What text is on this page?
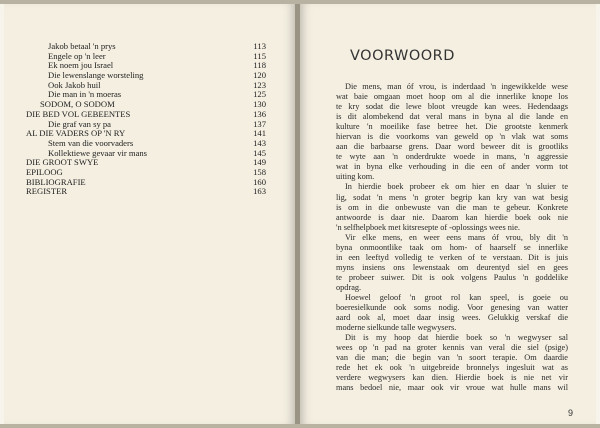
Jakob betaal 'n prys	113
Engele op 'n leer	115
Ek noem jou Israel	118
Die lewenslange worsteling	120
Ook Jakob huil	123
Die man in 'n moeras	125
SODOM, O SODOM	130
DIE BED VOL GEBEENTES	136
Die graf van sy pa	137
AL DIE VADERS OP 'N RY	141
Stem van die voorvaders	143
Kollektiewe gevaar vir mans	145
DIE GROOT SWYE	149
EPILOOG	158
BIBLIOGRAFIE	160
REGISTER	163
VOORWOORD
Die mens, man óf vrou, is inderdaad 'n ingewikkelde wese
wat baie omgaan moet hoop om al die innerlike knope los
te kry sodat die lewe bloot vreugde kan wees. Hedendaags
is dit alombekend dat veral mans in byna al die lande en
kulture 'n moeilike fase betree het. Die grootste kenmerk
hiervan is die voorkoms van geweld op 'n vlak wat soms
aan die barbaarse grens. Daar word beweer dit is grootliks
te wyte aan 'n onderdrukte woede in mans, 'n aggressie
wat in byna elke verhouding in die een of ander vorm tot
uiting kom.
In hierdie boek probeer ek om hier en daar 'n sluier te
lig, sodat 'n mens 'n groter begrip kan kry van wat besig
is om in die onbewuste van die man te gebeur. Konkrete
antwoorde is daar nie. Daarom kan hierdie boek ook nie
'n selfhelpboek met kitsresepte of -oplossings wees nie.
Vir elke mens, en weer eens mans óf vrou, bly dit 'n
byna onmoontlike taak om hom- of haarself se innerlike
in een leeftyd volledig te verken of te verstaan. Dit is juis
myns insiens ons lewenstaak om deurentyd siel en gees
te probeer suiwer. Dit is ook volgens Paulus 'n goddelike
opdrag.
Hoewel geloof 'n groot rol kan speel, is goeie ou
boeresielkunde ook soms nodig. Voor genesing van watter
aard ook al, moet daar insig wees. Gelukkig verskaf die
moderne sielkunde talle wegwysers.
Dit is my hoop dat hierdie boek so 'n wegwyser sal
wees op 'n pad na groter kennis van veral die siel (psige)
van die man; die begin van 'n soort terapie. Om daardie
rede het ek ook 'n uitgebreide bronnelys ingesluit wat as
verdere wegwysers kan dien. Hierdie boek is nie net vir
mans bedoel nie, maar ook vir vroue wat hulle mans wil
9
